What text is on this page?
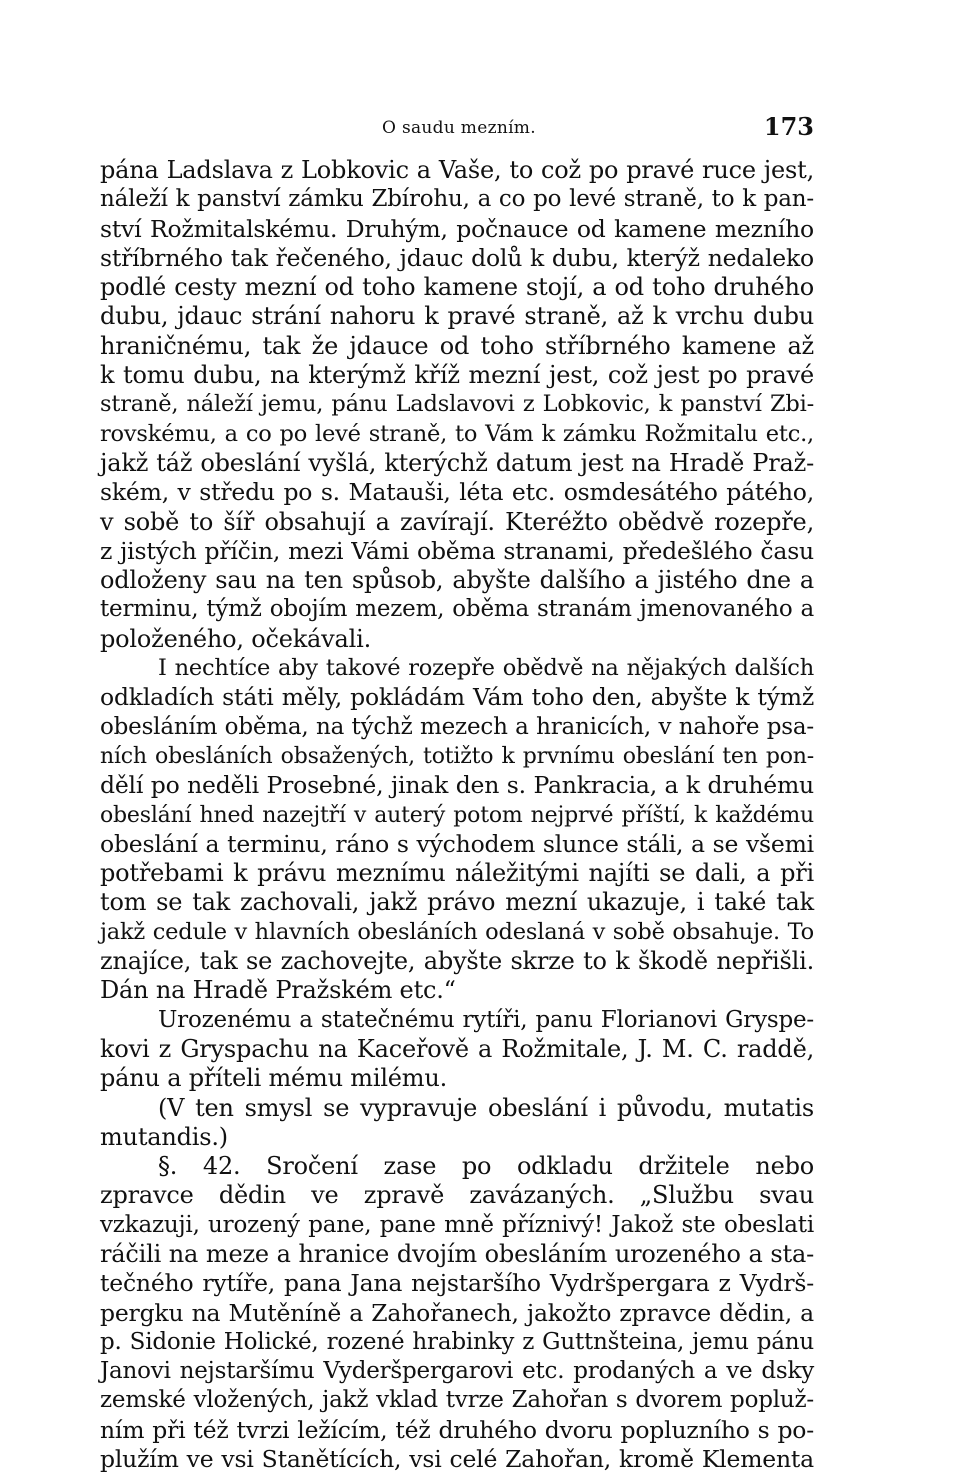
O saudu mezním.	173
pána Ladslava z Lobkovic a Vaše, to což po pravé ruce jest,
náleží k panství zámku Zbírohu, a co po levé straně, to k pan-
ství Rožmitalskému. Druhým, počnauce od kamene mezního
stříbrného tak řečeného, jdauc dolů k dubu, kterýž nedaleko
podlé cesty mezní od toho kamene stojí, a od toho druhého
dubu, jdauc strání nahoru k pravé straně, až k vrchu dubu
hraničnému, tak že jdauce od toho stříbrného kamene až
k tomu dubu, na kterýmž kříž mezní jest, což jest po pravé
straně, náleží jemu, pánu Ladslavovi z Lobkovic, k panství Zbi-
rovskému, a co po levé straně, to Vám k zámku Rožmitalu etc.,
jakž táž obeslání vyšlá, kterýchž datum jest na Hradě Praž-
ském, v středu po s. Matauši, léta etc. osmdesátého pátého,
v sobě to šíř obsahují a zavírají. Kteréžto obědvě rozepře,
z jistých příčin, mezi Vámi oběma stranami, předešlého času
odloženy sau na ten spůsob, abyšte dalšího a jistého dne a
terminu, týmž obojím mezem, oběma stranám jmenovaného a
položeného, očekávali.
I nechtíce aby takové rozepře obědvě na nějakých dalších
odkladích státi měly, pokládám Vám toho den, abyšte k týmž
obesláním oběma, na týchž mezech a hranicích, v nahoře psa-
ních obesláních obsažených, totižto k prvnímu obeslání ten pon-
dělí po neděli Prosebné, jinak den s. Pankracia, a k druhému
obeslání hned nazejtří v auterý potom nejprvé příští, k každému
obeslání a terminu, ráno s východem slunce stáli, a se všemi
potřebami k právu meznímu náležitými najíti se dali, a při
tom se tak zachovali, jakž právo mezní ukazuje, i také tak
jakž cedule v hlavních obesláních odeslaná v sobě obsahuje. To
znajíce, tak se zachovejte, abyšte skrze to k škodě nepřišli.
Dán na Hradě Pražském etc.“
Urozenému a statečnému rytíři, panu Florianovi Gryspe-
kovi z Gryspachu na Kaceřově a Rožmitale, J. M. C. raddě,
pánu a příteli mému milému.
(V ten smysl se vypravuje obeslání i původu, mutatis
mutandis.)
§. 42. Sročení zase po odkladu držitele nebo
zpravce dědin ve zpravě zavázaných. „Službu svau
vzkazuji, urozený pane, pane mně příznivý! Jakož ste obeslati
ráčili na meze a hranice dvojím obesláním urozeného a sta-
tečného rytíře, pana Jana nejstaršího Vydršpergara z Vydrš-
pergku na Mutěníně a Zahořanech, jakožto zpravce dědin, a
p. Sidonie Holické, rozené hrabinky z Guttnšteina, jemu pánu
Janovi nejstaršímu Vyderšpergarovi etc. prodaných a ve dsky
zemské vložených, jakž vklad tvrze Zahořan s dvorem popluž-
ním při též tvrzi ležícím, též druhého dvoru popluzního s po-
plužím ve vsi Stanětících, vsi celé Zahořan, kromě Klementa
